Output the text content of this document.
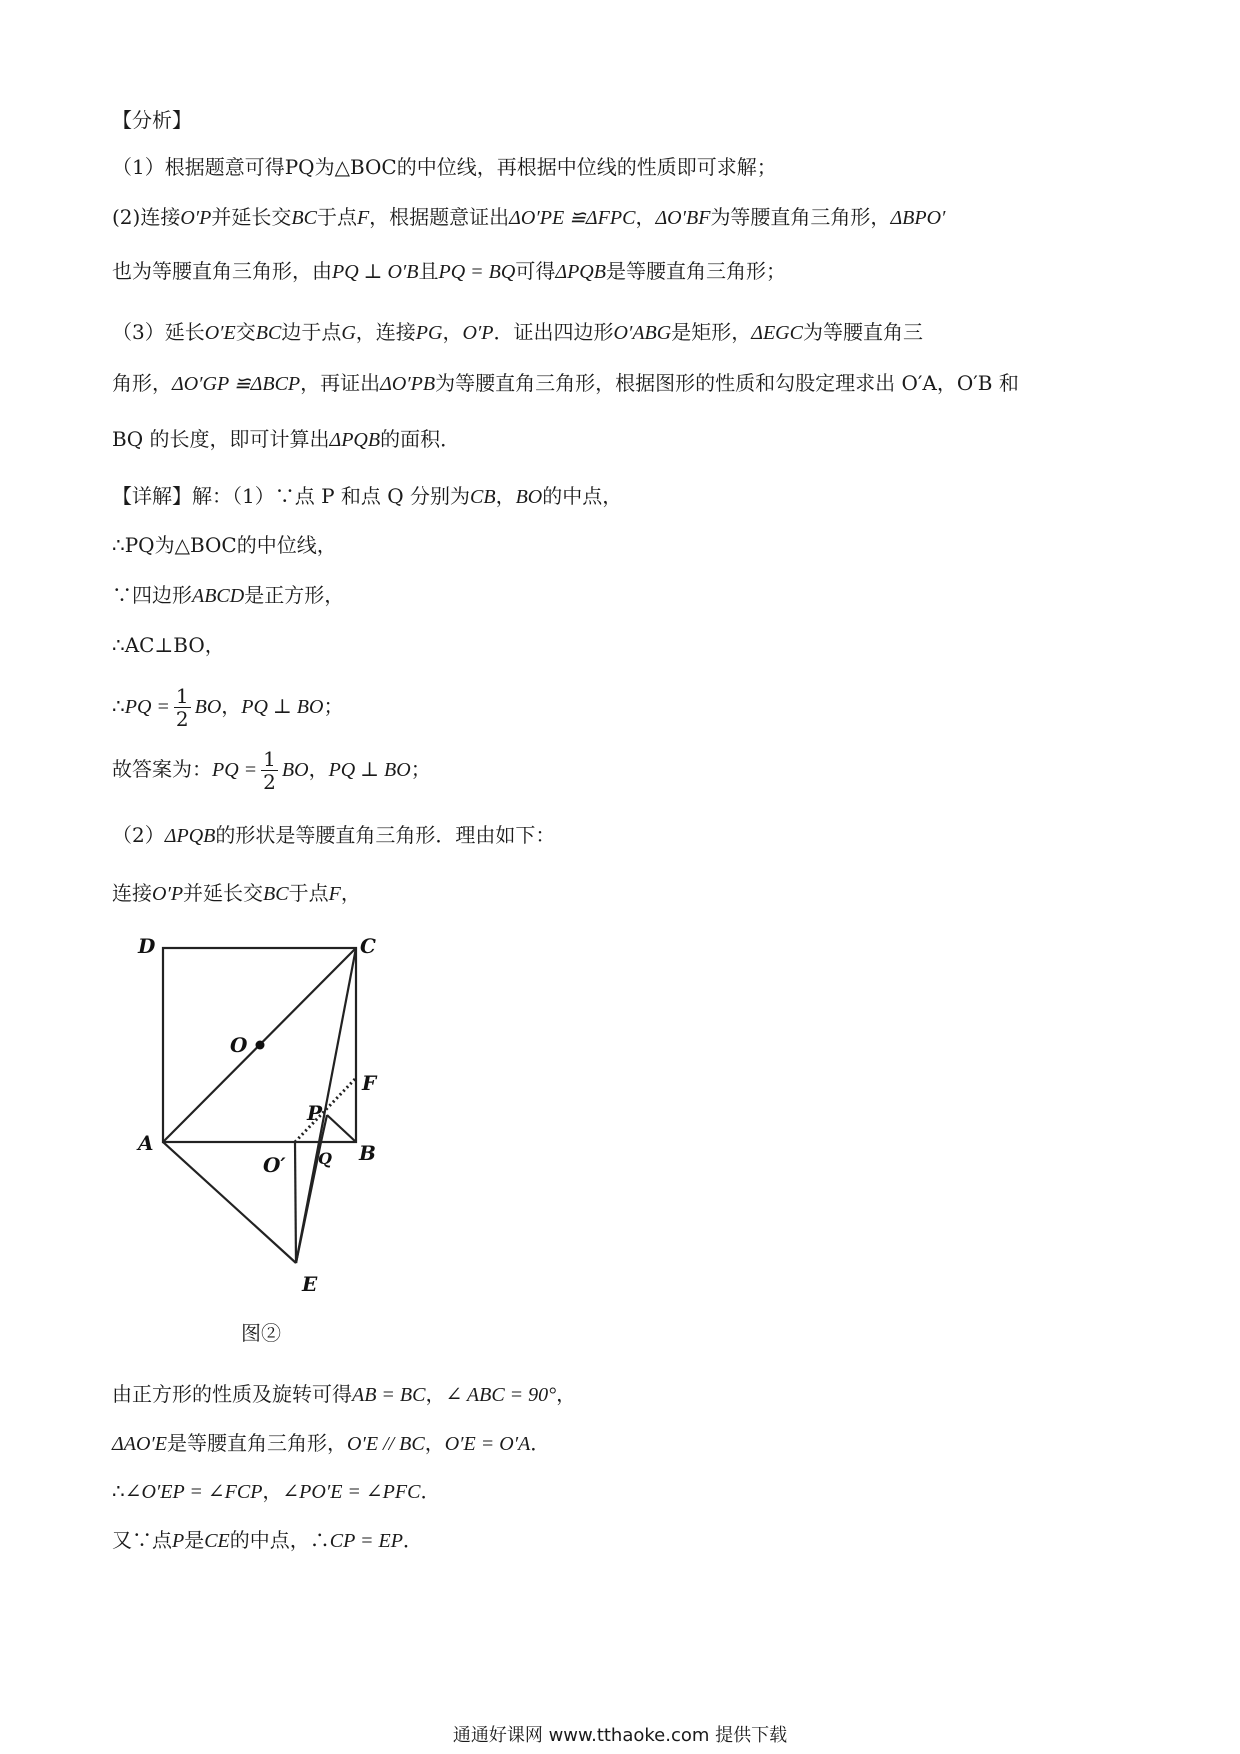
【分析】
（1）根据题意可得PQ为△BOC的中位线，再根据中位线的性质即可求解；
(2)连接O′P并延长交BC于点F，根据题意证出ΔO′PE ≌ΔFPC，ΔO′BF为等腰直角三角形，ΔBPO′
也为等腰直角三角形，由PQ ⊥ O′B且PQ = BQ可得ΔPQB是等腰直角三角形；
（3）延长O′E交BC边于点G，连接PG，O′P．证出四边形O′ABG是矩形，ΔEGC为等腰直角三
角形，ΔO′GP ≌ΔBCP，再证出ΔO′PB为等腰直角三角形，根据图形的性质和勾股定理求出 O′A，O′B 和
BQ 的长度，即可计算出ΔPQB的面积．
【详解】解：（1）∵点 P 和点 Q 分别为CB，BO的中点，
∴PQ为△BOC的中位线，
∵四边形ABCD是正方形，
∴AC⊥BO，
∴PQ = $\frac{1}{2}$ BO，PQ ⊥ BO；
故答案为：PQ = $\frac{1}{2}$ BO，PQ ⊥ BO；
（2）ΔPQB的形状是等腰直角三角形．理由如下：
连接O′P并延长交BC于点F，
D	C
O
F
P
A
O′ Q B
E
图②
由正方形的性质及旋转可得AB = BC，∠ ABC = 90°，
ΔAO′E是等腰直角三角形，O′E // BC，O′E = O′A．
∴∠O′EP = ∠FCP，∠PO′E = ∠PFC．
又∵点P是CE的中点，∴CP = EP．
通通好课网 www.tthaoke.com 提供下载
